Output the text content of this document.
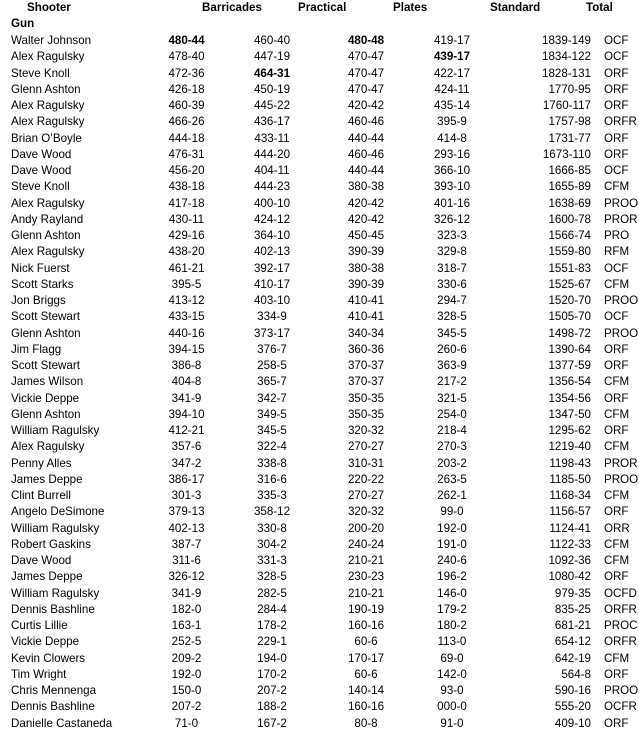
Shooter
Gun
Barricades	Practical	Plates	Standard	Total
Walter Johnson	480-44	460-40	480-48	419-17	1839-149 OCF
Alex Ragulsky	478-40	447-19	470-47	439-17	1834-122 OCF
Steve Knoll	472-36	464-31	470-47	422-17	1828-131 ORF
Glenn Ashton	426-18	450-19	470-47	424-11	1770-95 ORF
Alex Ragulsky	460-39	445-22	420-42	435-14	1760-117 ORF
Alex Ragulsky	466-26	436-17	460-46	395-9	1757-98 ORFR
Brian O’Boyle	444-18	433-11	440-44	414-8	1731-77 ORF
Dave Wood	476-31	444-20	460-46	293-16	1673-110 ORF
Dave Wood	456-20	404-11	440-44	366-10	1666-85 OCF
Steve Knoll	438-18	444-23	380-38	393-10	1655-89 CFM
Alex Ragulsky	417-18	400-10	420-42	401-16	1638-69 PROO
Andy Rayland	430-11	424-12	420-42	326-12	1600-78 PROR
Glenn Ashton	429-16	364-10	450-45	323-3	1566-74 PRO
Alex Ragulsky	438-20	402-13	390-39	329-8	1559-80 RFM
Nick Fuerst	461-21	392-17	380-38	318-7	1551-83 OCF
Scott Starks	395-5	410-17	390-39	330-6	1525-67 CFM
Jon Briggs	413-12	403-10	410-41	294-7	1520-70 PROO
Scott Stewart	433-15	334-9	410-41	328-5	1505-70 OCF
Glenn Ashton	440-16	373-17	340-34	345-5	1498-72 PROO
Jim Flagg	394-15	376-7	360-36	260-6	1390-64 ORF
Scott Stewart	386-8	258-5	370-37	363-9	1377-59 ORF
James Wilson	404-8	365-7	370-37	217-2	1356-54 CFM
Vickie Deppe	341-9	342-7	350-35	321-5	1354-56 ORF
Glenn Ashton	394-10	349-5	350-35	254-0	1347-50 CFM
William Ragulsky	412-21	345-5	320-32	218-4	1295-62 ORF
Alex Ragulsky	357-6	322-4	270-27	270-3	1219-40 CFM
Penny Alles	347-2	338-8	310-31	203-2	1198-43 PROR
James Deppe	386-17	316-6	220-22	263-5	1185-50 PROO
Clint Burrell	301-3	335-3	270-27	262-1	1168-34 CFM
Angelo DeSimone	379-13	358-12	320-32	99-0	1156-57 ORF
William Ragulsky	402-13	330-8	200-20	192-0	1124-41 ORR
Robert Gaskins	387-7	304-2	240-24	191-0	1122-33 CFM
Dave Wood	311-6	331-3	210-21	240-6	1092-36 CFM
James Deppe	326-12	328-5	230-23	196-2	1080-42 ORF
William Ragulsky	341-9	282-5	210-21	146-0	979-35 OCFD
Dennis Bashline	182-0	284-4	190-19	179-2	835-25 ORFR
Curtis Lillie	163-1	178-2	160-16	180-2	681-21 PROC
Vickie Deppe	252-5	229-1	60-6	113-0	654-12 ORFR
Kevin Clowers	209-2	194-0	170-17	69-0	642-19 CFM
Tim Wright	192-0	170-2	60-6	142-0	564-8 ORF
Chris Mennenga	150-0	207-2	140-14	93-0	590-16 PROO
Dennis Bashline	207-2	188-2	160-16	000-0	555-20 OCFR
Danielle Castaneda	71-0	167-2	80-8	91-0	409-10 ORF
